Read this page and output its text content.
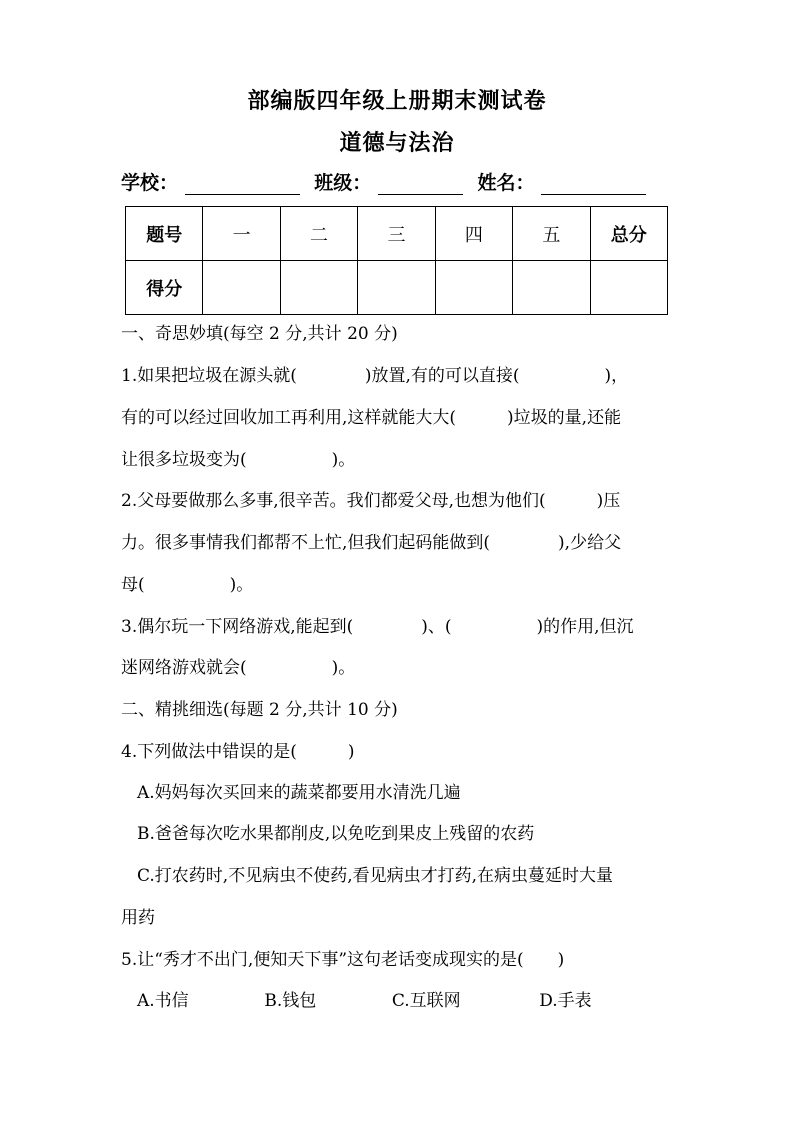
部编版四年级上册期末测试卷
道德与法治
学校：	班级：	姓名：
题号	一	二	三	四	五	总分
得分						
一、奇思妙填(每空 2 分,共计 20 分)
1.如果把垃圾在源头就(　　　　)放置,有的可以直接(　　　　　)，
有的可以经过回收加工再利用,这样就能大大(　　　)垃圾的量,还能
让很多垃圾变为(　　　　　)。
2.父母要做那么多事,很辛苦。我们都爱父母,也想为他们(　　　)压
力。很多事情我们都帮不上忙,但我们起码能做到(　　　　),少给父
母(　　　　　)。
3.偶尔玩一下网络游戏,能起到(　　　　)、(　　　　　)的作用,但沉
迷网络游戏就会(　　　　　)。
二、精挑细选(每题 2 分,共计 10 分)
4.下列做法中错误的是(　　　)
A.妈妈每次买回来的蔬菜都要用水清洗几遍
B.爸爸每次吃水果都削皮,以免吃到果皮上残留的农药
C.打农药时,不见病虫不使药,看见病虫才打药,在病虫蔓延时大量
用药
5.让“秀才不出门,便知天下事”这句老话变成现实的是(　　)
A.书信	B.钱包	C.互联网	D.手表
